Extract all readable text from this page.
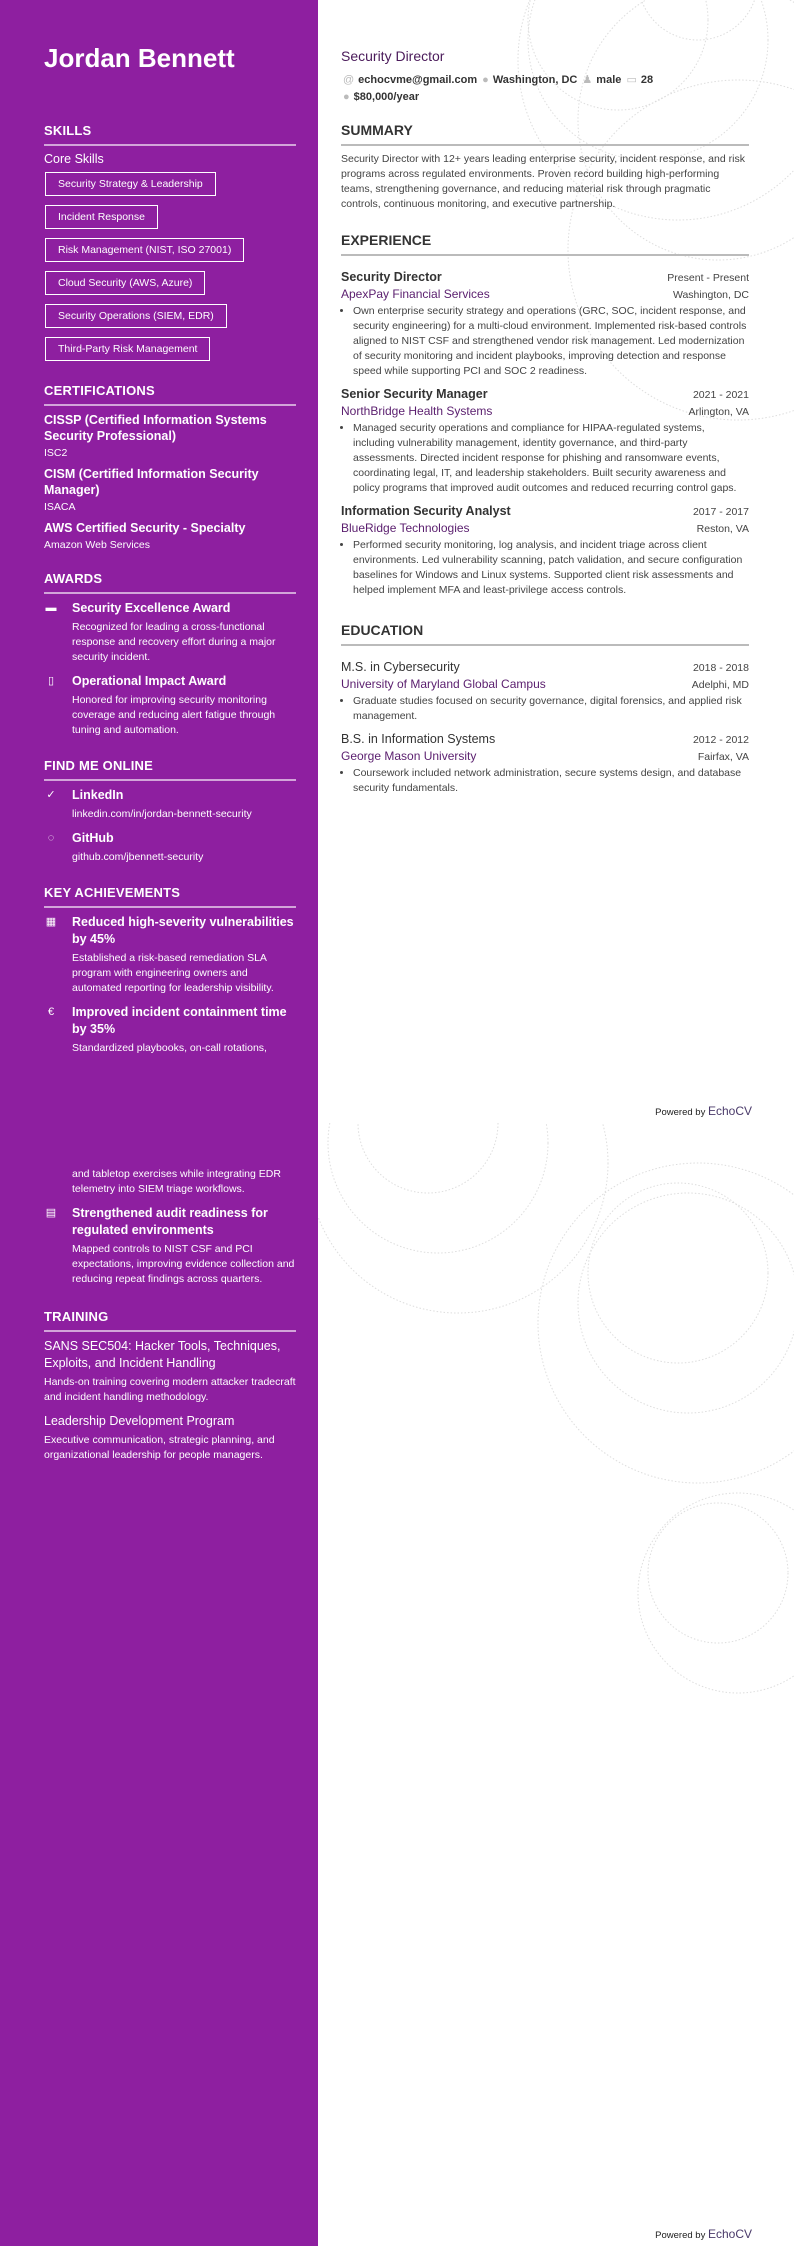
Jordan Bennett
SKILLS
Core Skills
Security Strategy & Leadership
Incident Response
Risk Management (NIST, ISO 27001)
Cloud Security (AWS, Azure)
Security Operations (SIEM, EDR)
Third-Party Risk Management
CERTIFICATIONS
CISSP (Certified Information Systems Security Professional)
ISC2
CISM (Certified Information Security Manager)
ISACA
AWS Certified Security - Specialty
Amazon Web Services
AWARDS
▬ Security Excellence Award
Recognized for leading a cross-functional response and recovery effort during a major security incident.
▯	Operational Impact Award
Honored for improving security monitoring coverage and reducing alert fatigue through tuning and automation.
FIND ME ONLINE
✓ LinkedIn
linkedin.com/in/jordan-bennett-security
◌ GitHub
github.com/jbennett-security
KEY ACHIEVEMENTS
▦ Reduced high-severity vulnerabilities by 45%
Established a risk-based remediation SLA program with engineering owners and automated reporting for leadership visibility.
€	Improved incident containment time by 35%
Standardized playbooks, on-call rotations,
Security Director
@ echocvme@gmail.com ● Washington, DC ♟ male ▭ 28
● $80,000/year
SUMMARY

Security Director with 12+ years leading enterprise security, incident response, and risk programs across regulated environments. Proven record building high-performing teams, strengthening governance, and reducing material risk through pragmatic controls, continuous monitoring, and executive partnership.

EXPERIENCE
Security Director	Present - Present
ApexPay Financial Services	Washington, DC
• Own enterprise security strategy and operations (GRC, SOC, incident response, and security engineering) for a multi-cloud environment. Implemented risk-based controls aligned to NIST CSF and strengthened vendor risk management. Led modernization of security monitoring and incident playbooks, improving detection and response speed while supporting PCI and SOC 2 readiness.
Senior Security Manager	2021 - 2021
NorthBridge Health Systems	Arlington, VA
• Managed security operations and compliance for HIPAA-regulated systems, including vulnerability management, identity governance, and third-party assessments. Directed incident response for phishing and ransomware events, coordinating legal, IT, and leadership stakeholders. Built security awareness and policy programs that improved audit outcomes and reduced recurring control gaps.
Information Security Analyst	2017 - 2017
BlueRidge Technologies	Reston, VA
• Performed security monitoring, log analysis, and incident triage across client environments. Led vulnerability scanning, patch validation, and secure configuration baselines for Windows and Linux systems. Supported client risk assessments and helped implement MFA and least-privilege access controls.
EDUCATION
M.S. in Cybersecurity	2018 - 2018
University of Maryland Global Campus	Adelphi, MD
• Graduate studies focused on security governance, digital forensics, and applied risk management.
B.S. in Information Systems	2012 - 2012
George Mason University	Fairfax, VA
• Coursework included network administration, secure systems design, and database security fundamentals.
Powered by EchoCV
and tabletop exercises while integrating EDR telemetry into SIEM triage workflows.
▤ Strengthened audit readiness for regulated environments
Mapped controls to NIST CSF and PCI expectations, improving evidence collection and reducing repeat findings across quarters.
TRAINING
SANS SEC504: Hacker Tools, Techniques, Exploits, and Incident Handling
Hands-on training covering modern attacker tradecraft and incident handling methodology.
Leadership Development Program
Executive communication, strategic planning, and organizational leadership for people managers.
Powered by EchoCV
